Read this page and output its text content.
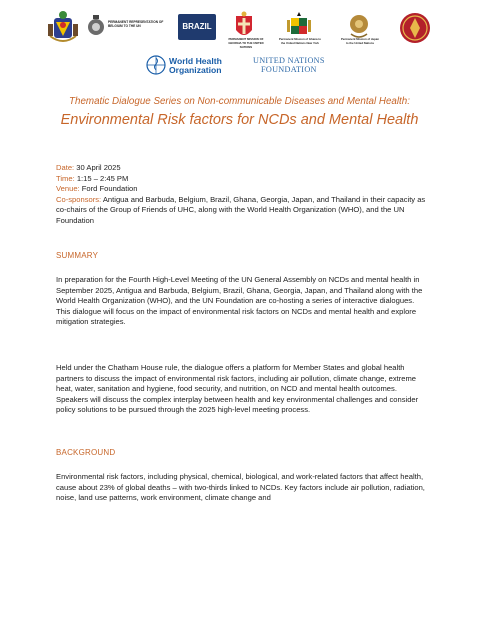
PERMANENT REPRESENTATION OF BELGIUM TO THE UN	BRAZIL
PERMANENT MISSION OF GEORGIA TO THE UNITED NATIONS
Permanent Mission of Ghana to the United Nations New York
Permanent Mission of Japan to the United Nations
World Health
Organization
UNITED NATIONS
FOUNDATION
Thematic Dialogue Series on Non-communicable Diseases and Mental Health:
Environmental Risk factors for NCDs and Mental Health
Date: 30 April 2025
Time: 1:15 – 2:45 PM
Venue: Ford Foundation
Co-sponsors: Antigua and Barbuda, Belgium, Brazil, Ghana, Georgia, Japan, and Thailand in their capacity as co-chairs of the Group of Friends of UHC, along with the World Health Organization (WHO), and the UN Foundation
SUMMARY
In preparation for the Fourth High-Level Meeting of the UN General Assembly on NCDs and mental health in September 2025, Antigua and Barbuda, Belgium, Brazil, Ghana, Georgia, Japan, and Thailand along with the World Health Organization (WHO), and the UN Foundation are co-hosting a series of interactive dialogues. This dialogue will focus on the impact of environmental risk factors on NCDs and mental health and explore mitigation strategies.
Held under the Chatham House rule, the dialogue offers a platform for Member States and global health partners to discuss the impact of environmental risk factors, including air pollution, climate change, extreme heat, water, sanitation and hygiene, food security, and nutrition, on NCD and mental health outcomes. Speakers will discuss the complex interplay between health and key environmental challenges and consider policy solutions to be pursued through the 2025 high-level meeting process.
BACKGROUND
Environmental risk factors, including physical, chemical, biological, and work-related factors that affect health, cause about 23% of global deaths – with two-thirds linked to NCDs. Key factors include air pollution, radiation, noise, land use patterns, work environment, climate change and
